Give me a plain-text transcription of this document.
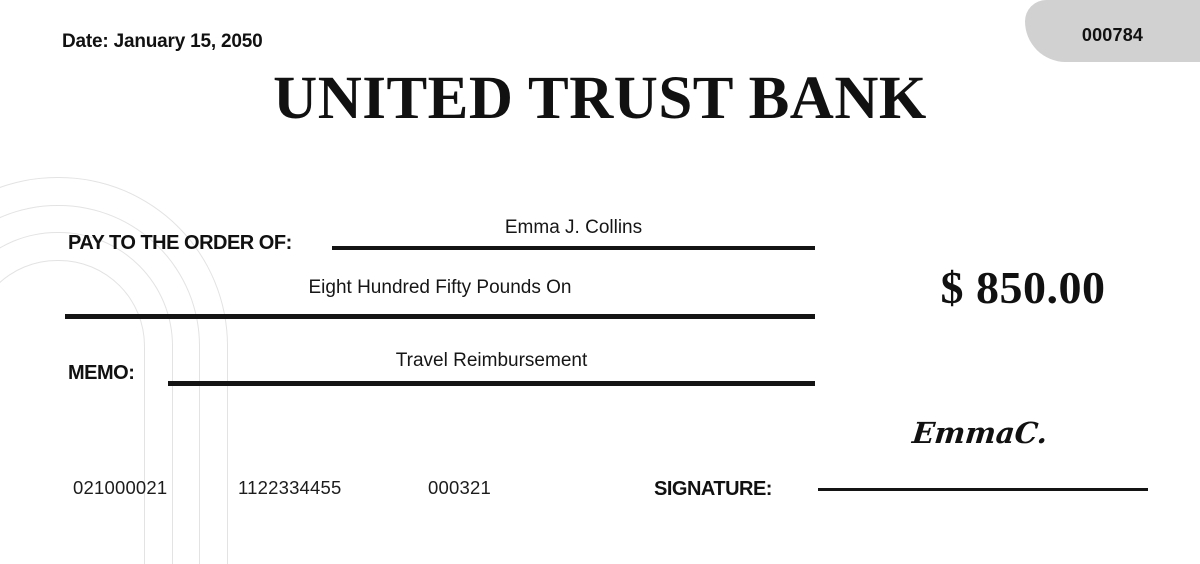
Date: January 15, 2050	000784
UNITED TRUST BANK
PAY TO THE ORDER OF:
Emma J. Collins
Eight Hundred Fifty Pounds On	$ 850.00
MEMO:
Travel Reimbursement
021000021	1122334455	000321
EmmaC.
SIGNATURE:
